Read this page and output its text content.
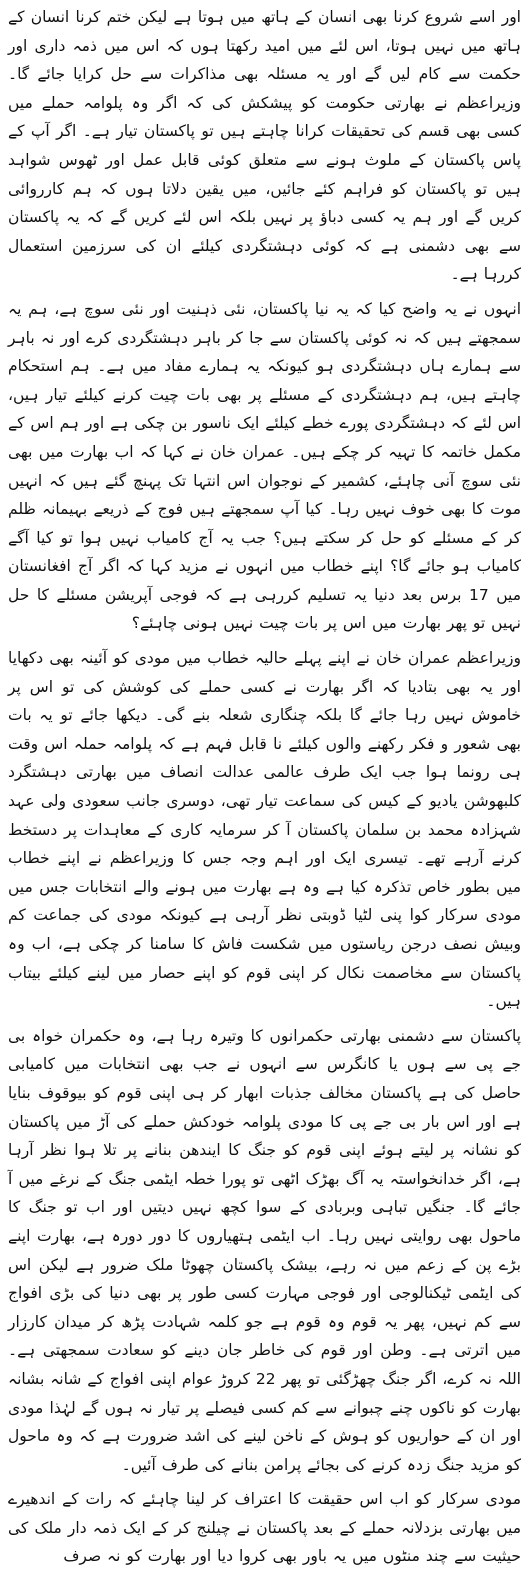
اور اسے شروع کرنا بھی انسان کے ہاتھ میں ہوتا ہے لیکن ختم کرنا انسان کے ہاتھ میں نہیں ہوتا، اس لئے میں امید رکھتا ہوں کہ اس میں ذمہ داری اور حکمت سے کام لیں گے اور یہ مسئلہ بھی مذاکرات سے حل کرایا جائے گا۔ وزیراعظم نے بھارتی حکومت کو پیشکش کی کہ اگر وہ پلوامہ حملے میں کسی بھی قسم کی تحقیقات کرانا چاہتے ہیں تو پاکستان تیار ہے۔ اگر آپ کے پاس پاکستان کے ملوث ہونے سے متعلق کوئی قابل عمل اور ٹھوس شواہد ہیں تو پاکستان کو فراہم کئے جائیں، میں یقین دلاتا ہوں کہ ہم کارروائی کریں گے اور ہم یہ کسی دباؤ پر نہیں بلکہ اس لئے کریں گے کہ یہ پاکستان سے بھی دشمنی ہے کہ کوئی دہشتگردی کیلئے ان کی سرزمین استعمال کررہا ہے۔

انہوں نے یہ واضح کیا کہ یہ نیا پاکستان، نئی ذہنیت اور نئی سوچ ہے، ہم یہ سمجھتے ہیں کہ نہ کوئی پاکستان سے جا کر باہر دہشتگردی کرے اور نہ باہر سے ہمارے ہاں دہشتگردی ہو کیونکہ یہ ہمارے مفاد میں ہے۔ ہم استحکام چاہتے ہیں، ہم دہشتگردی کے مسئلے پر بھی بات چیت کرنے کیلئے تیار ہیں، اس لئے کہ دہشتگردی پورے خطے کیلئے ایک ناسور بن چکی ہے اور ہم اس کے مکمل خاتمہ کا تہیہ کر چکے ہیں۔ عمران خان نے کہا کہ اب بھارت میں بھی نئی سوچ آنی چاہئے، کشمیر کے نوجوان اس انتہا تک پہنچ گئے ہیں کہ انہیں موت کا بھی خوف نہیں رہا۔ کیا آپ سمجھتے ہیں فوج کے ذریعے بہیمانہ ظلم کر کے مسئلے کو حل کر سکتے ہیں؟ جب یہ آج کامیاب نہیں ہوا تو کیا آگے کامیاب ہو جائے گا؟ اپنے خطاب میں انہوں نے مزید کہا کہ اگر آج افغانستان میں 17 برس بعد دنیا یہ تسلیم کررہی ہے کہ فوجی آپریشن مسئلے کا حل نہیں تو پھر بھارت میں اس پر بات چیت نہیں ہونی چاہئے؟

وزیراعظم عمران خان نے اپنے پہلے حالیہ خطاب میں مودی کو آئینہ بھی دکھایا اور یہ بھی بتادیا کہ اگر بھارت نے کسی حملے کی کوشش کی تو اس پر خاموش نہیں رہا جائے گا بلکہ چنگاری شعلہ بنے گی۔ دیکھا جائے تو یہ بات بھی شعور و فکر رکھنے والوں کیلئے نا قابل فہم ہے کہ پلوامہ حملہ اس وقت ہی رونما ہوا جب ایک طرف عالمی عدالت انصاف میں بھارتی دہشتگرد کلبھوشن یادیو کے کیس کی سماعت تیار تھی، دوسری جانب سعودی ولی عہد شہزادہ محمد بن سلمان پاکستان آ کر سرمایہ کاری کے معاہدات پر دستخط کرنے آرہے تھے۔ تیسری ایک اور اہم وجہ جس کا وزیراعظم نے اپنے خطاب میں بطور خاص تذکرہ کیا ہے وہ ہے بھارت میں ہونے والے انتخابات جس میں مودی سرکار کوا پنی لٹیا ڈوبتی نظر آرہی ہے کیونکہ مودی کی جماعت کم وبیش نصف درجن ریاستوں میں شکست فاش کا سامنا کر چکی ہے، اب وہ پاکستان سے مخاصمت نکال کر اپنی قوم کو اپنے حصار میں لینے کیلئے بیتاب ہیں۔

پاکستان سے دشمنی بھارتی حکمرانوں کا وتیرہ رہا ہے، وہ حکمران خواہ بی جے پی سے ہوں یا کانگرس سے انہوں نے جب بھی انتخابات میں کامیابی حاصل کی ہے پاکستان مخالف جذبات ابھار کر ہی اپنی قوم کو بیوقوف بنایا ہے اور اس بار بی جے پی کا مودی پلوامہ خودکش حملے کی آڑ میں پاکستان کو نشانہ پر لیتے ہوئے اپنی قوم کو جنگ کا ایندھن بنانے پر تلا ہوا نظر آرہا ہے، اگر خدانخواستہ یہ آگ بھڑک اٹھی تو پورا خطہ ایٹمی جنگ کے نرغے میں آ جائے گا۔ جنگیں تباہی وبربادی کے سوا کچھ نہیں دیتیں اور اب تو جنگ کا ماحول بھی روایتی نہیں رہا۔ اب ایٹمی ہتھیاروں کا دور دورہ ہے، بھارت اپنے بڑے پن کے زعم میں نہ رہے، بیشک پاکستان چھوٹا ملک ضرور ہے لیکن اس کی ایٹمی ٹیکنالوجی اور فوجی مہارت کسی طور پر بھی دنیا کی بڑی افواج سے کم نہیں، پھر یہ قوم وہ قوم ہے جو کلمہ شہادت پڑھ کر میدان کارزار میں اترتی ہے۔ وطن اور قوم کی خاطر جان دینے کو سعادت سمجھتی ہے۔ اللہ نہ کرے، اگر جنگ چھڑگئی تو پھر 22 کروڑ عوام اپنی افواج کے شانہ بشانہ بھارت کو ناکوں چنے چبوانے سے کم کسی فیصلے پر تیار نہ ہوں گے لہٰذا مودی اور ان کے حواریوں کو ہوش کے ناخن لینے کی اشد ضرورت ہے کہ وہ ماحول کو مزید جنگ زدہ کرنے کی بجائے پرامن بنانے کی طرف آئیں۔

مودی سرکار کو اب اس حقیقت کا اعتراف کر لینا چاہئے کہ رات کے اندھیرے میں بھارتی بزدلانہ حملے کے بعد پاکستان نے چیلنج کر کے ایک ذمہ دار ملک کی حیثیت سے چند منٹوں میں یہ باور بھی کروا دیا اور بھارت کو نہ صرف
